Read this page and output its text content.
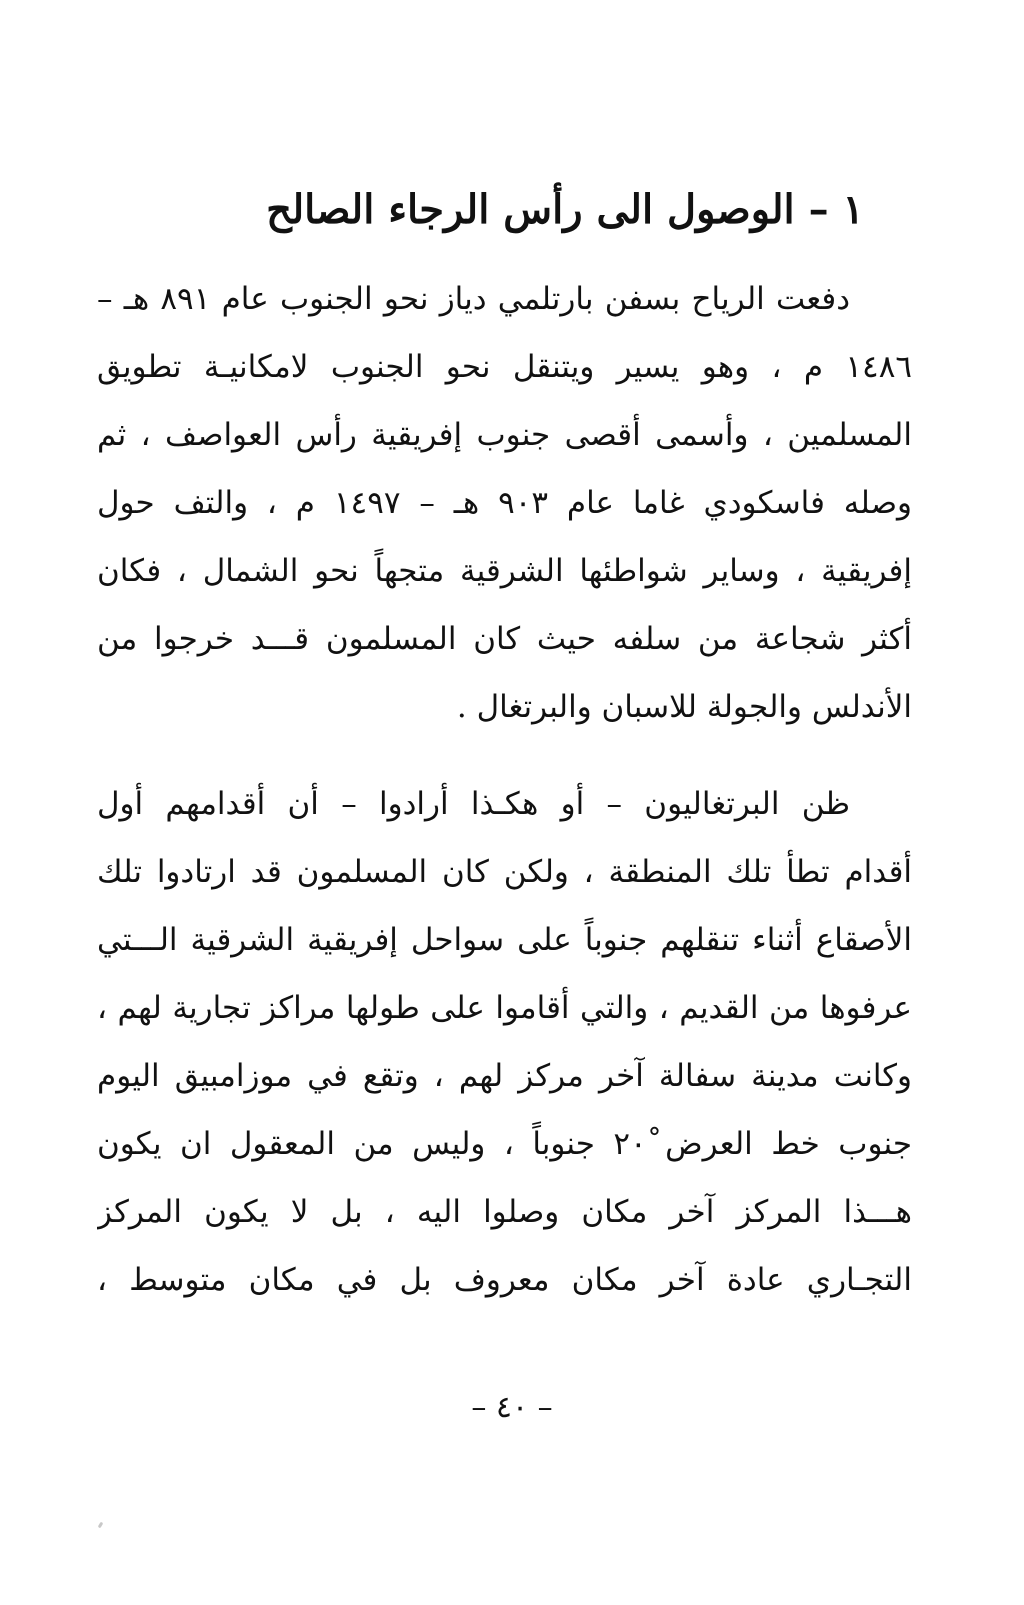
١ – الوصول الى رأس الرجاء الصالح
دفعت الرياح بسفن بارتلمي دياز نحو الجنوب عام ٨٩١ هـ –
١٤٨٦ م ، وهو يسير ويتنقل نحو الجنوب لامكانيـة تطويق
المسلمين ، وأسمى أقصى جنوب إفريقية رأس العواصف ، ثم
وصله فاسكودي غاما عام ٩٠٣ هـ – ١٤٩٧ م ، والتف حول
إفريقية ، وساير شواطئها الشرقية متجهاً نحو الشمال ، فكان
أكثر شجاعة من سلفه حيث كان المسلمون قـــد خرجوا من
الأندلس والجولة للاسبان والبرتغال .
ظن البرتغاليون – أو هكـذا أرادوا – أن أقدامهم أول
أقدام تطأ تلك المنطقة ، ولكن كان المسلمون قد ارتادوا تلك
الأصقاع أثناء تنقلهم جنوباً على سواحل إفريقية الشرقية الـــتي
عرفوها من القديم ، والتي أقاموا على طولها مراكز تجارية لهم ،
وكانت مدينة سفالة آخر مركز لهم ، وتقع في موزامبيق اليوم
جنوب خط العرض ٢٠ْ جنوباً ، وليس من المعقول ان يكون
هـــذا المركز آخر مكان وصلوا اليه ، بل لا يكون المركز
التجـاري عادة آخر مكان معروف بل في مكان متوسط ،
– ٤٠ –
